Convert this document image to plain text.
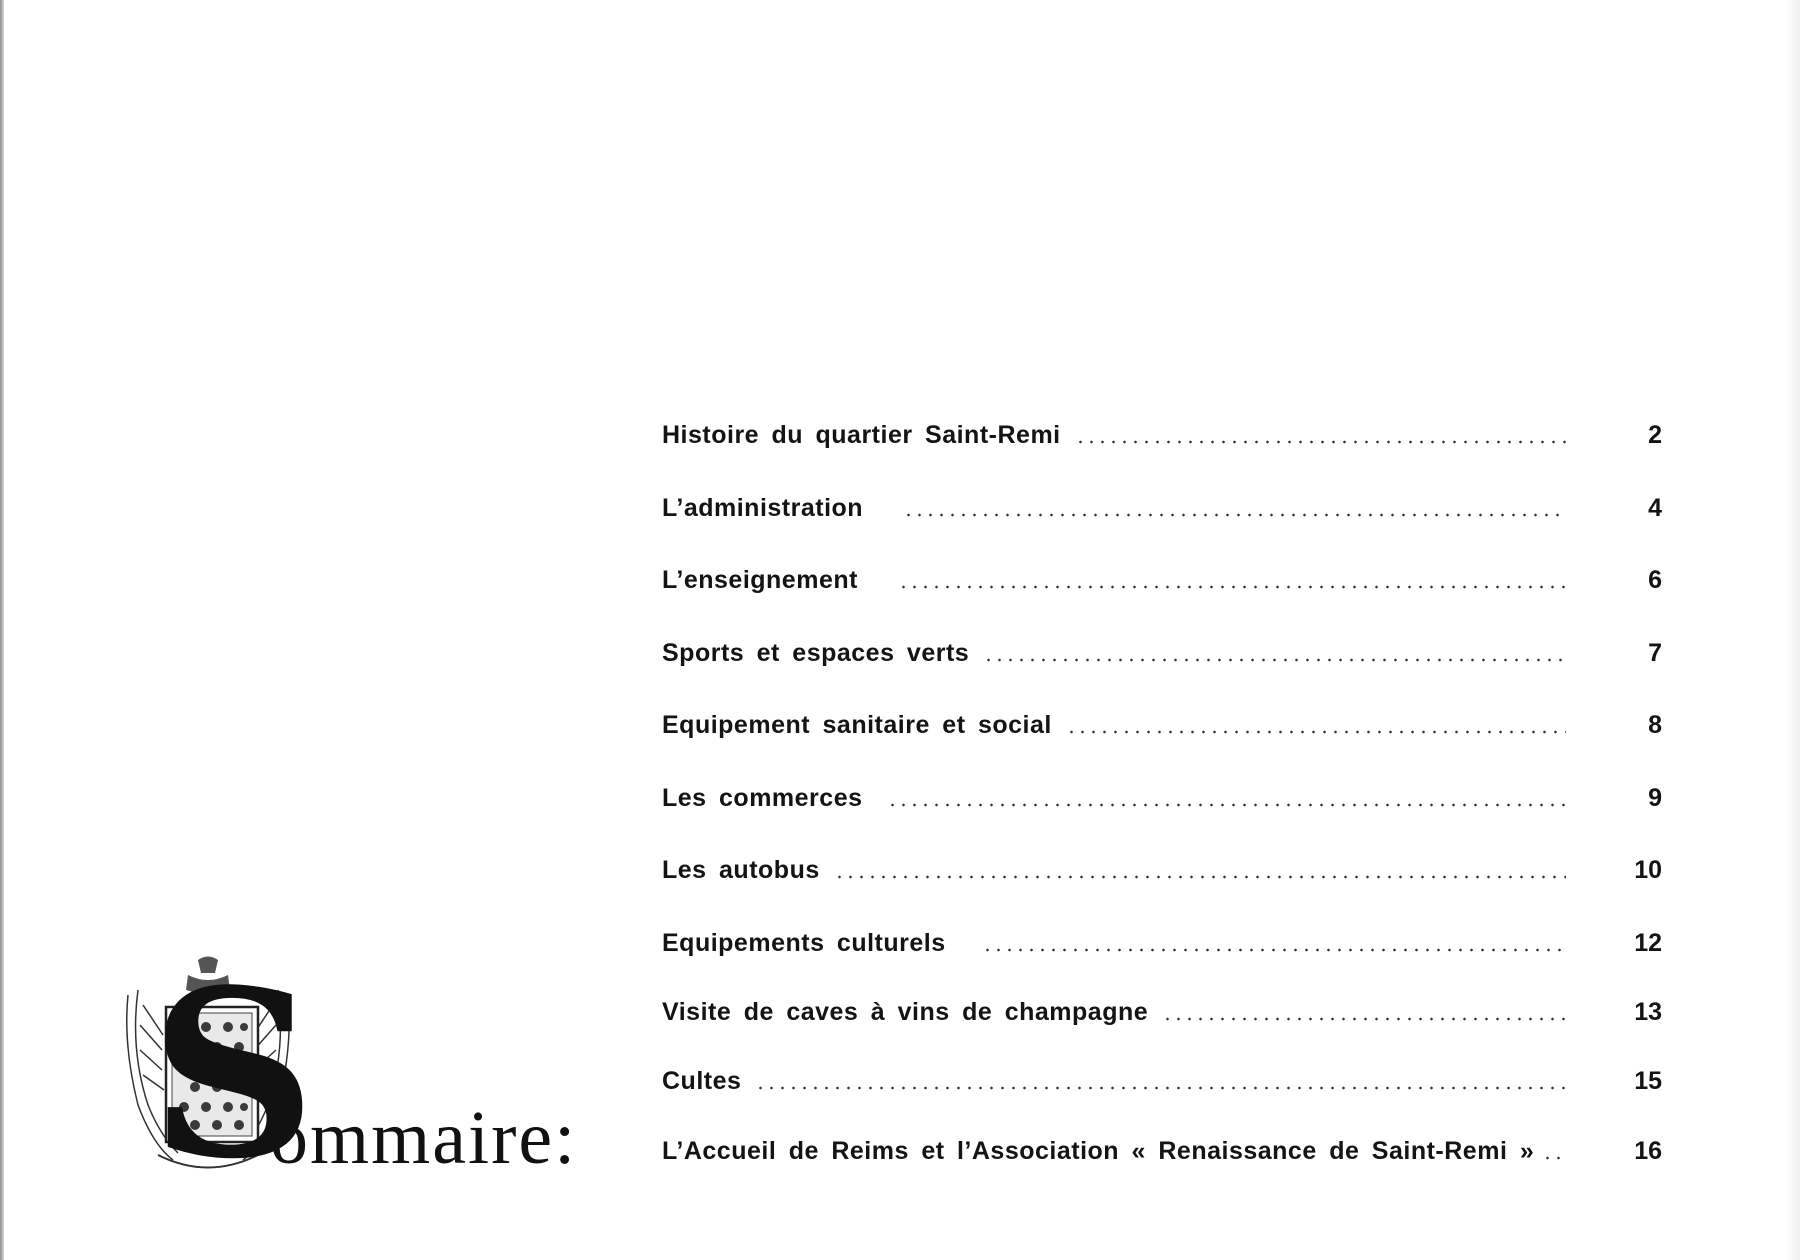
Histoire du quartier Saint-Remi	2
L’administration	4
L’enseignement	6
Sports et espaces verts	7
Equipement sanitaire et social	8
Les commerces	9
Les autobus	10
Equipements culturels	12
Visite de caves à vins de champagne	13
Cultes	15
L’Accueil de Reims et l’Association « Renaissance de Saint-Remi »	16
S
ommaire:
